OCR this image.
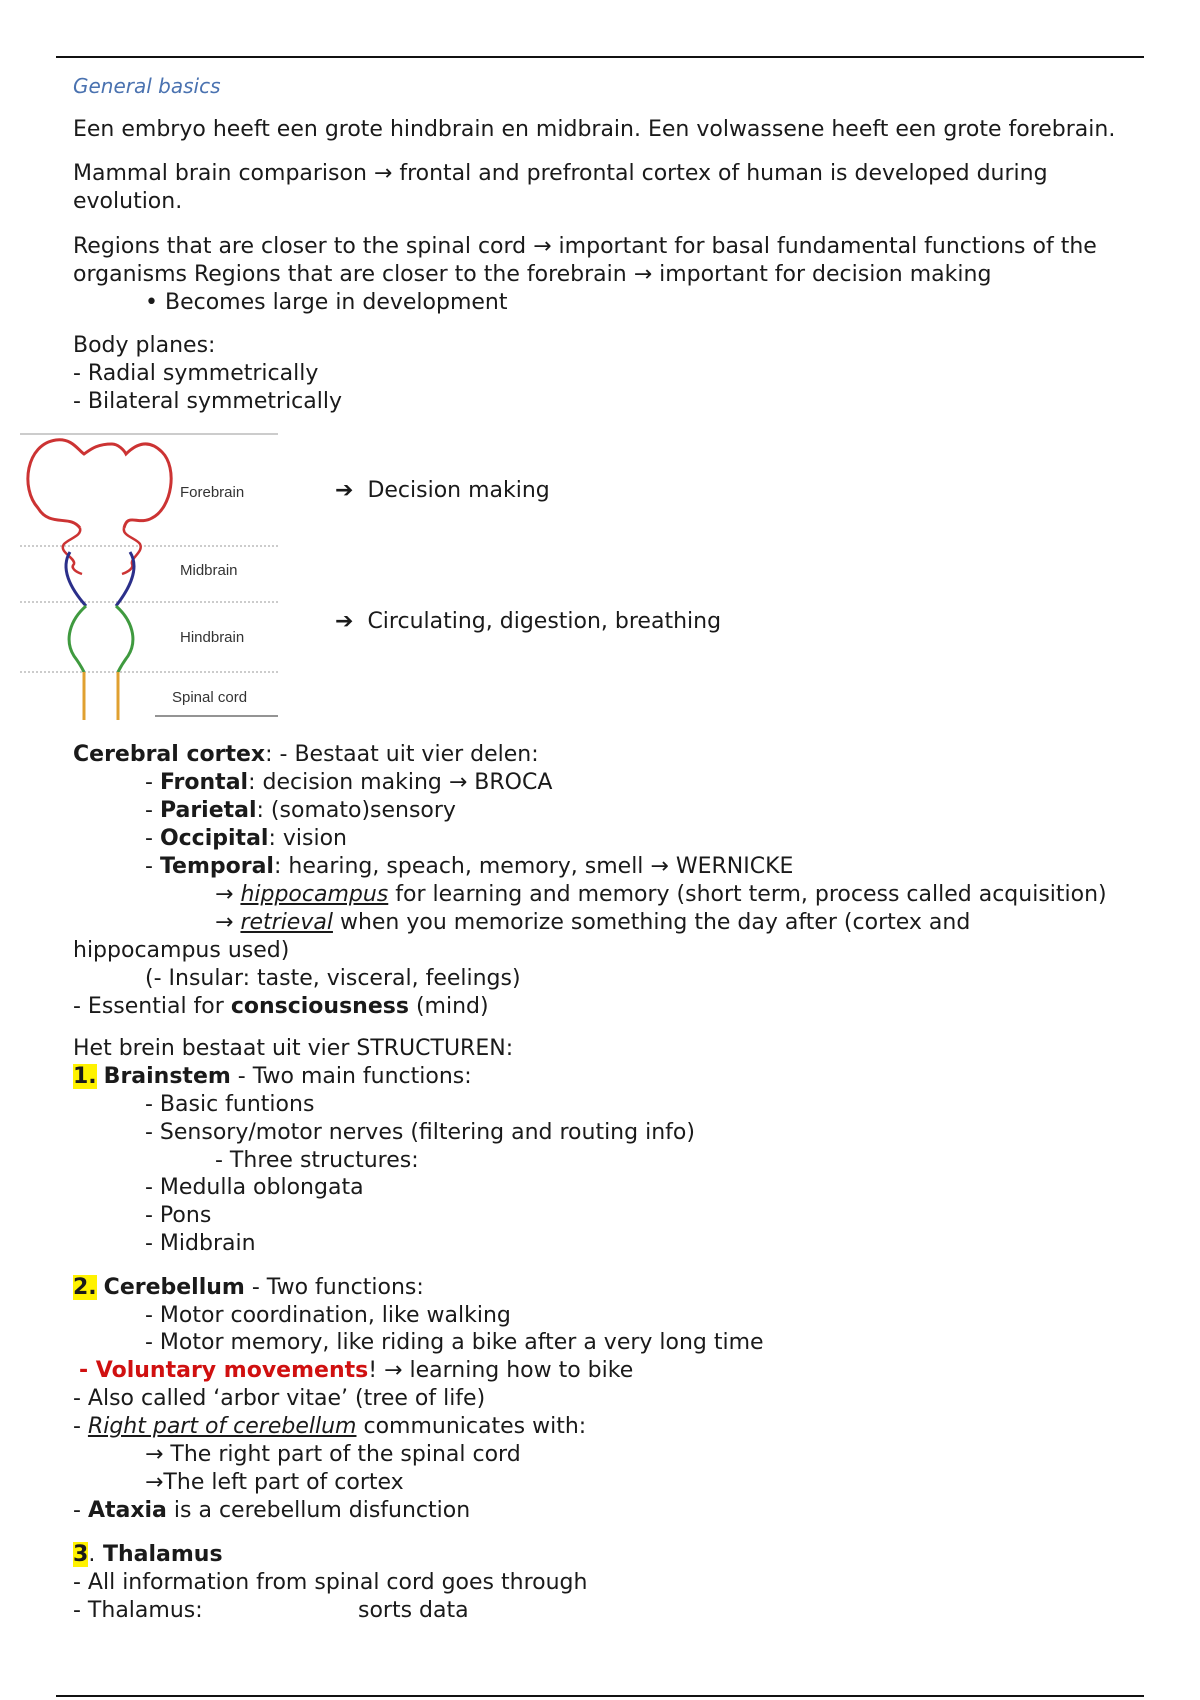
General basics
Een embryo heeft een grote hindbrain en midbrain. Een volwassene heeft een grote forebrain.
Mammal brain comparison → frontal and prefrontal cortex of human is developed during
evolution.
Regions that are closer to the spinal cord → important for basal fundamental functions of the
organisms Regions that are closer to the forebrain → important for decision making
• Becomes large in development
Body planes:
- Radial symmetrically
- Bilateral symmetrically
Forebrain
Midbrain
Hindbrain
Spinal cord
➔ Decision making
➔ Circulating, digestion, breathing
Cerebral cortex: - Bestaat uit vier delen:
- Frontal: decision making → BROCA
- Parietal: (somato)sensory
- Occipital: vision
- Temporal: hearing, speach, memory, smell → WERNICKE
→ hippocampus for learning and memory (short term, process called acquisition)
→ retrieval when you memorize something the day after (cortex and
hippocampus used)
(- Insular: taste, visceral, feelings)
- Essential for consciousness (mind)
Het brein bestaat uit vier STRUCTUREN:
1. Brainstem - Two main functions:
- Basic funtions
- Sensory/motor nerves (filtering and routing info)
- Three structures:
- Medulla oblongata
- Pons
- Midbrain
2. Cerebellum - Two functions:
- Motor coordination, like walking
- Motor memory, like riding a bike after a very long time
- Voluntary movements! → learning how to bike
- Also called ‘arbor vitae’ (tree of life)
- Right part of cerebellum communicates with:
→ The right part of the spinal cord
→The left part of cortex
- Ataxia is a cerebellum disfunction
3. Thalamus
- All information from spinal cord goes through
- Thalamus:	sorts data
